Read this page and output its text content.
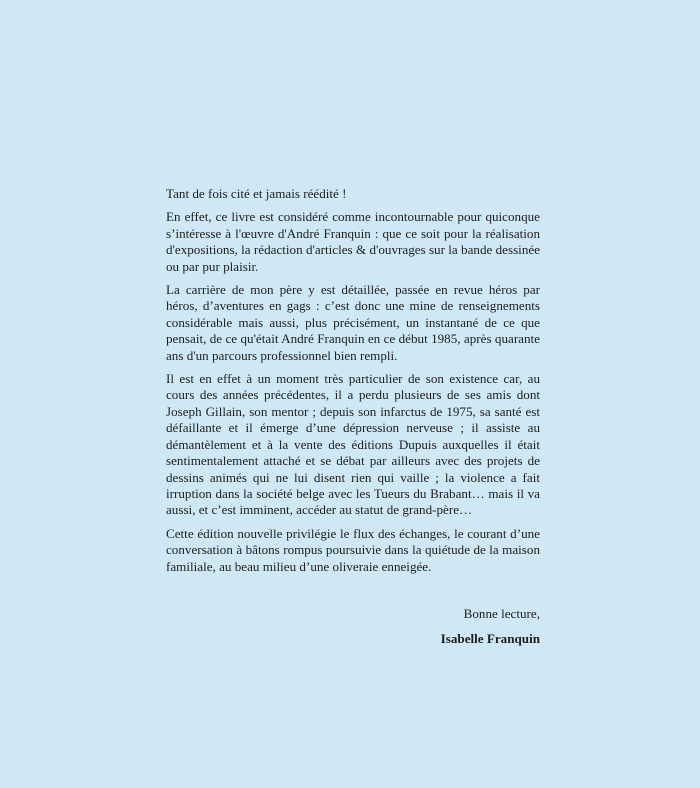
Tant de fois cité et jamais réédité !

En effet, ce livre est considéré comme incontournable pour quiconque s’intéresse à l'œuvre d'André Franquin : que ce soit pour la réalisation d'expositions, la rédaction d'articles & d'ouvrages sur la bande dessinée ou par pur plaisir.

La carrière de mon père y est détaillée, passée en revue héros par héros, d’aventures en gags : c’est donc une mine de renseignements considérable mais aussi, plus précisément, un instantané de ce que pensait, de ce qu'était André Franquin en ce début 1985, après quarante ans d'un parcours professionnel bien rempli.

Il est en effet à un moment très particulier de son existence car, au cours des années précédentes, il a perdu plusieurs de ses amis dont Joseph Gillain, son mentor ; depuis son infarctus de 1975, sa santé est défaillante et il émerge d’une dépression nerveuse ; il assiste au démantèlement et à la vente des éditions Dupuis auxquelles il était sentimentalement attaché et se débat par ailleurs avec des projets de dessins animés qui ne lui disent rien qui vaille ; la violence a fait irruption dans la société belge avec les Tueurs du Brabant… mais il va aussi, et c’est imminent, accéder au statut de grand-père…

Cette édition nouvelle privilégie le flux des échanges, le courant d’une conversation à bâtons rompus poursuivie dans la quiétude de la maison familiale, au beau milieu d’une oliveraie enneigée.

Bonne lecture,
Isabelle Franquin
